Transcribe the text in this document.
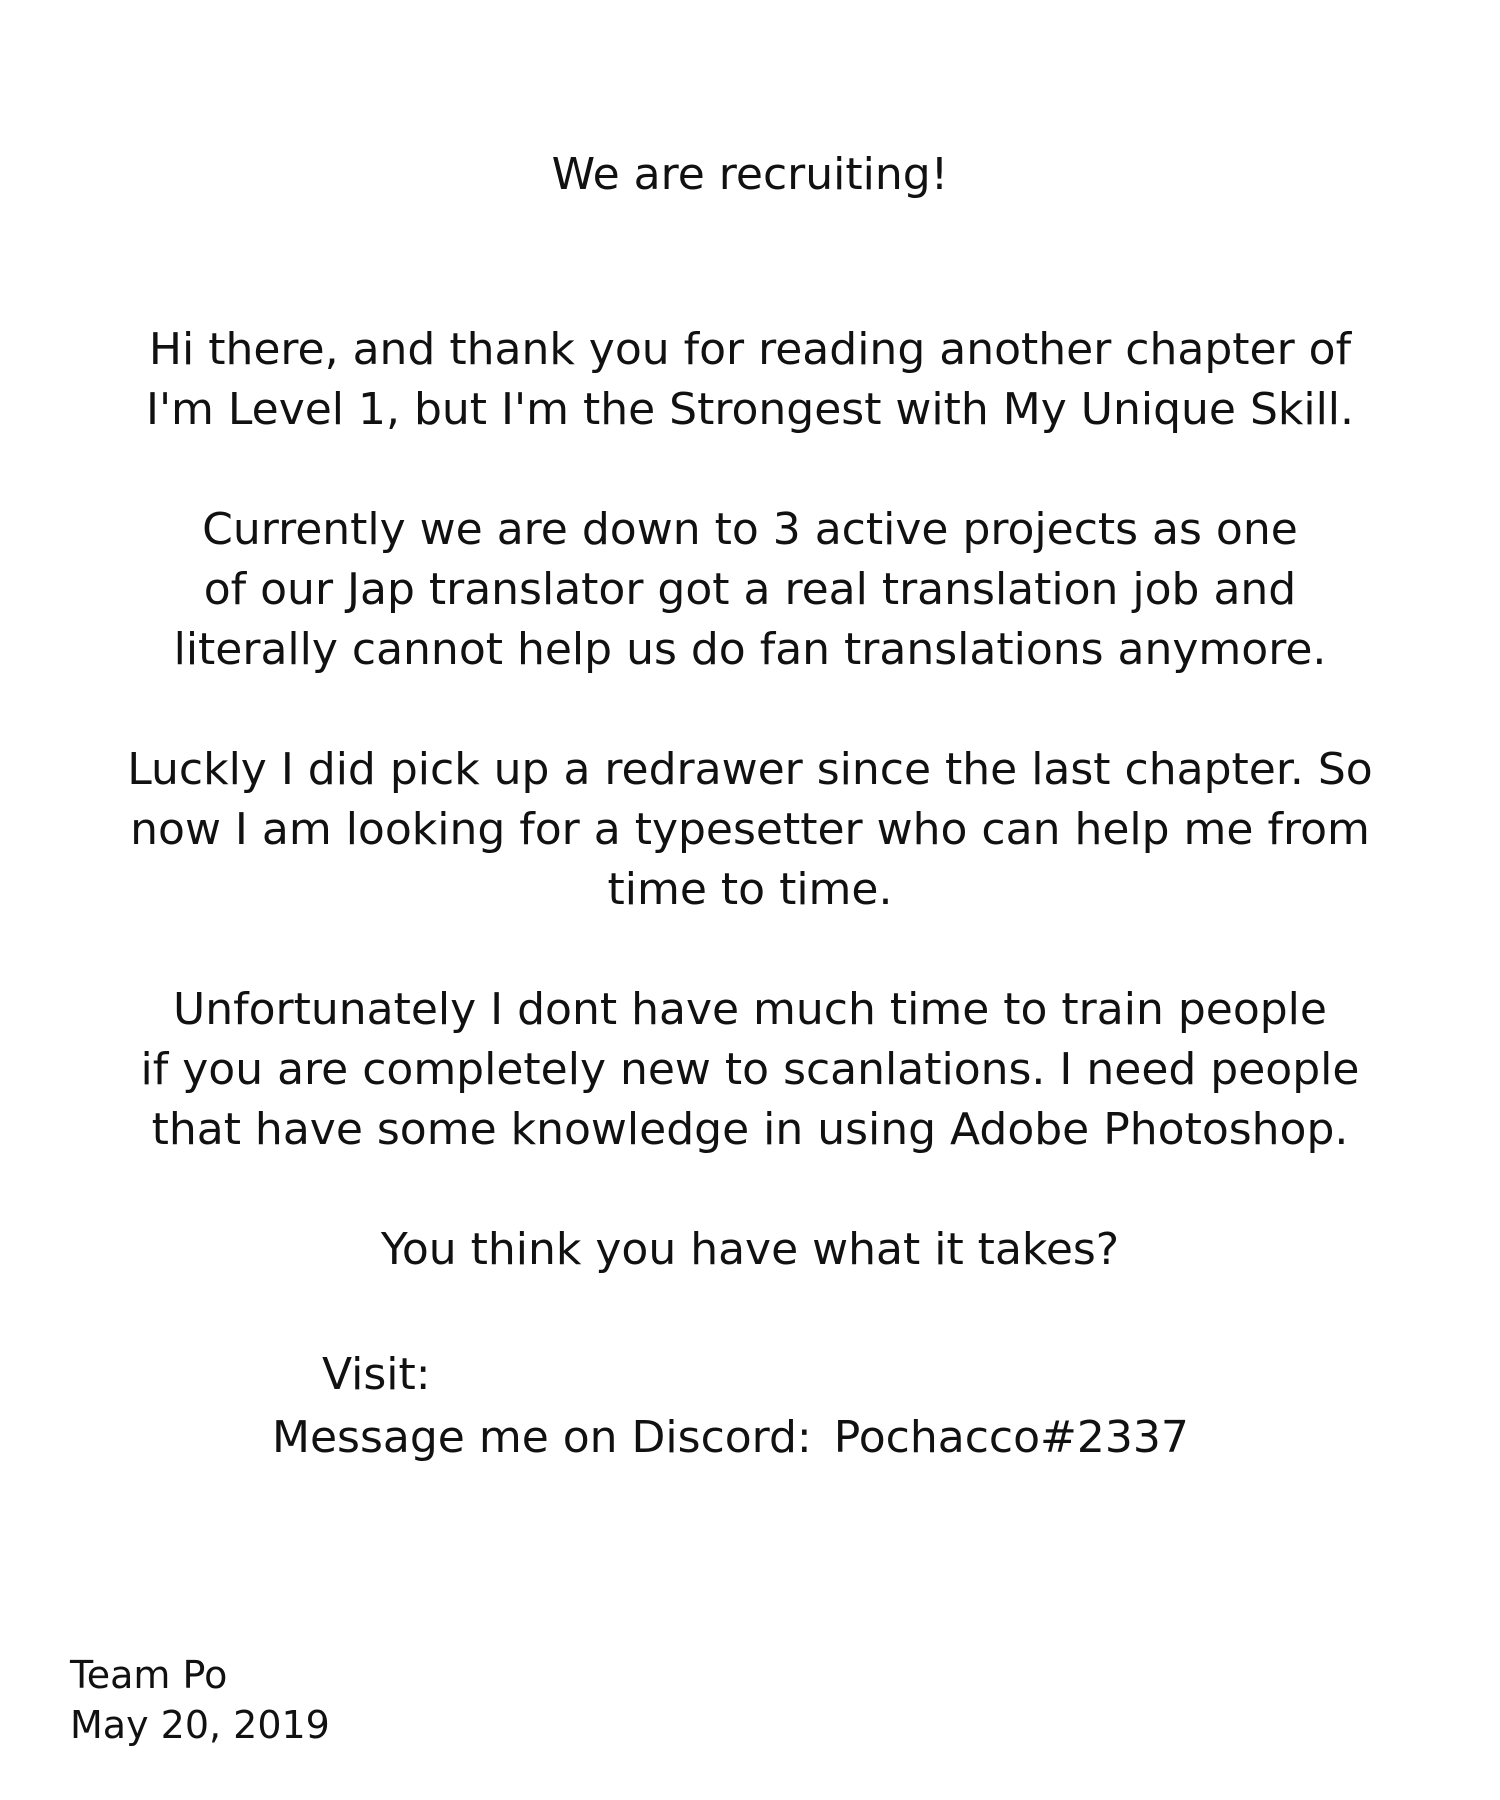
We are recruiting!
Hi there, and thank you for reading another chapter of
I'm Level 1, but I'm the Strongest with My Unique Skill.
Currently we are down to 3 active projects as one
of our Jap translator got a real translation job and
literally cannot help us do fan translations anymore.
Luckly I did pick up a redrawer since the last chapter. So
now I am looking for a typesetter who can help me from
time to time.
Unfortunately I dont have much time to train people
if you are completely new to scanlations. I need people
that have some knowledge in using Adobe Photoshop.
You think you have what it takes?
Visit:
Message me on Discord: Pochacco#2337
Team Po
May 20, 2019
